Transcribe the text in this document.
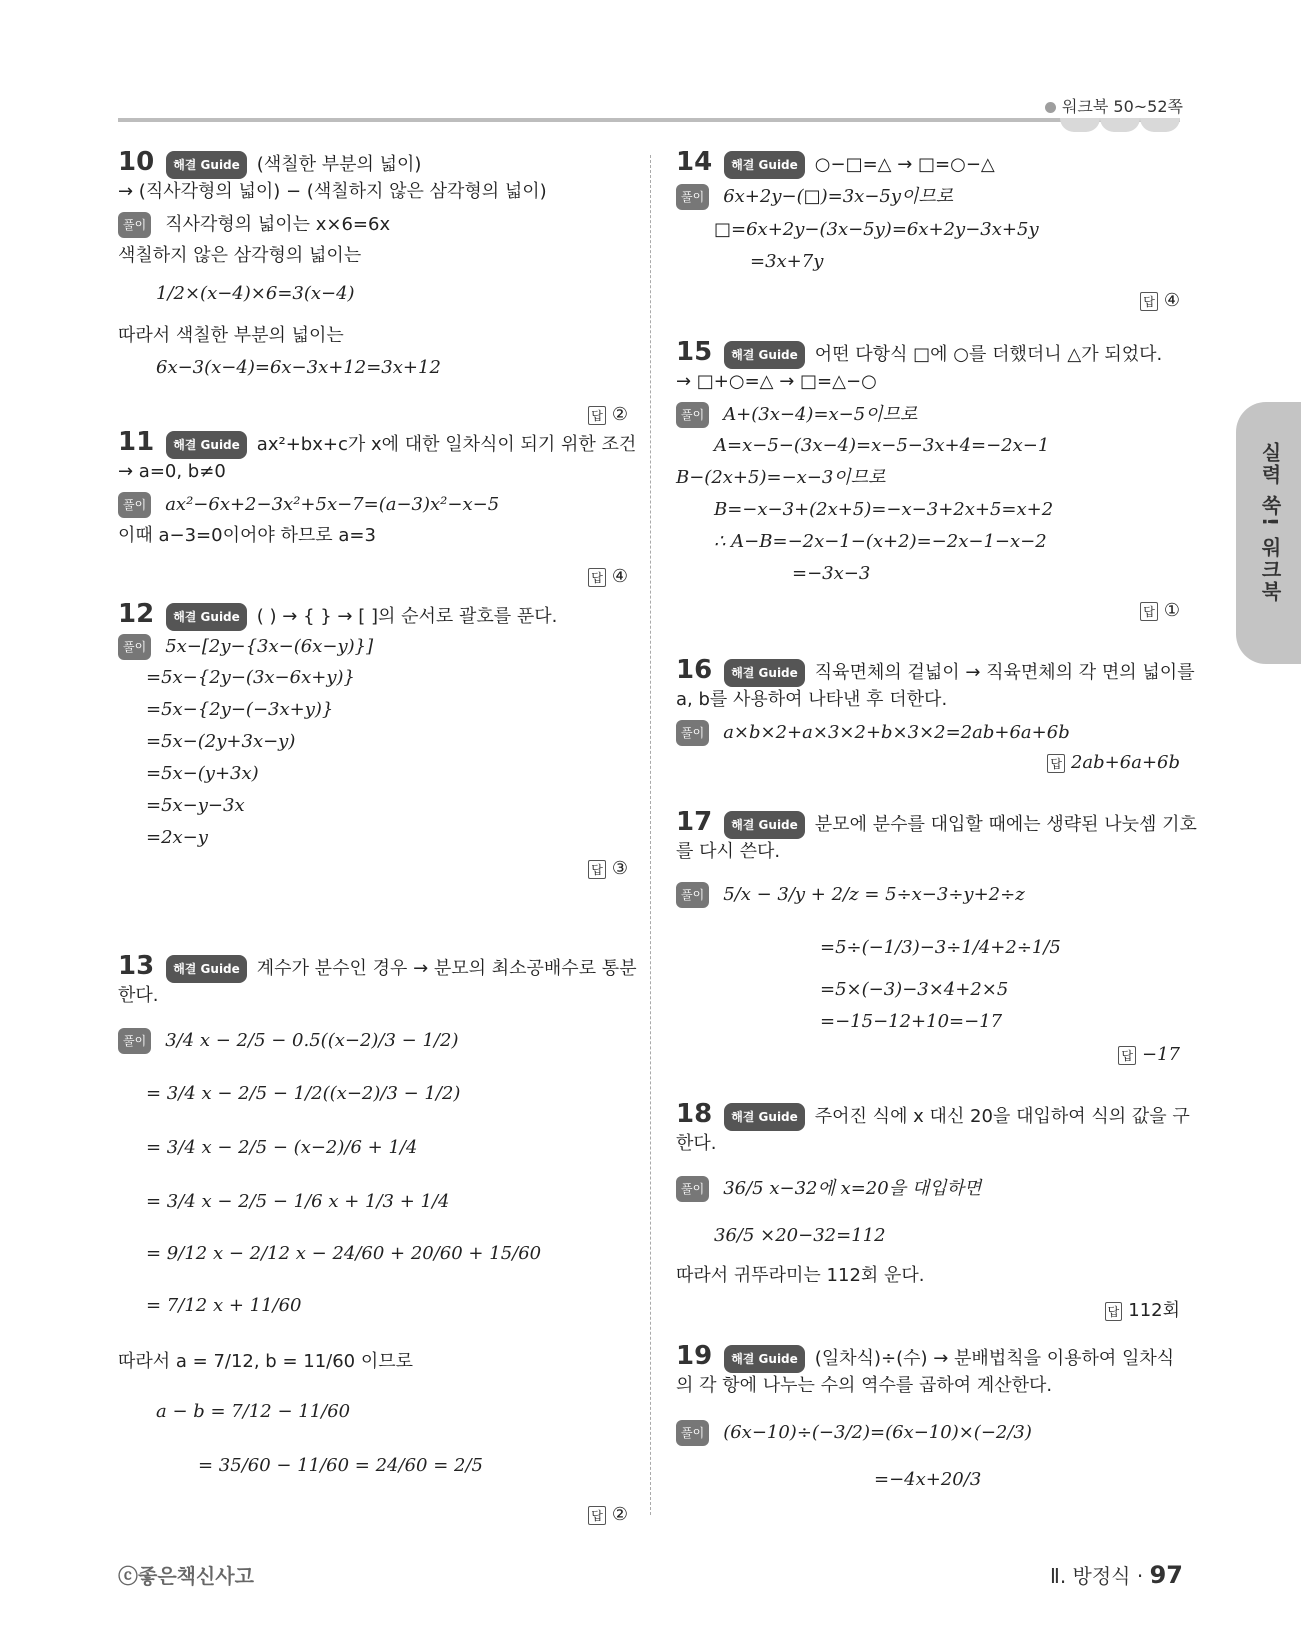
워크북 50~52쪽
실력 쑥! 워크북
10 해결 Guide (색칠한 부분의 넓이)
→ (직사각형의 넓이) − (색칠하지 않은 삼각형의 넓이)
풀이 직사각형의 넓이는 x×6=6x
색칠하지 않은 삼각형의 넓이는
1/2×(x−4)×6=3(x−4)
따라서 색칠한 부분의 넓이는
6x−3(x−4)=6x−3x+12=3x+12
답 ②
11 해결 Guide ax²+bx+c가 x에 대한 일차식이 되기 위한 조건
→ a=0, b≠0
풀이 ax²−6x+2−3x²+5x−7=(a−3)x²−x−5
이때 a−3=0이어야 하므로 a=3
답 ④
12 해결 Guide ( ) → { } → [ ]의 순서로 괄호를 푼다.
풀이 5x−[2y−{3x−(6x−y)}]
=5x−{2y−(3x−6x+y)}
=5x−{2y−(−3x+y)}
=5x−(2y+3x−y)
=5x−(y+3x)
=5x−y−3x
=2x−y
답 ③
13 해결 Guide 계수가 분수인 경우 → 분모의 최소공배수로 통분
한다.
풀이 3/4 x − 2/5 − 0.5((x−2)/3 − 1/2)
= 3/4 x − 2/5 − 1/2((x−2)/3 − 1/2)
= 3/4 x − 2/5 − (x−2)/6 + 1/4
= 3/4 x − 2/5 − 1/6 x + 1/3 + 1/4
= 9/12 x − 2/12 x − 24/60 + 20/60 + 15/60
= 7/12 x + 11/60
따라서 a = 7/12, b = 11/60 이므로
a − b = 7/12 − 11/60
= 35/60 − 11/60 = 24/60 = 2/5
답 ②
14 해결 Guide ○−□=△ → □=○−△
풀이 6x+2y−(□)=3x−5y이므로
□=6x+2y−(3x−5y)=6x+2y−3x+5y
=3x+7y
답 ④
15 해결 Guide 어떤 다항식 □에 ○를 더했더니 △가 되었다.
→ □+○=△ → □=△−○
풀이 A+(3x−4)=x−5이므로
A=x−5−(3x−4)=x−5−3x+4=−2x−1
B−(2x+5)=−x−3이므로
B=−x−3+(2x+5)=−x−3+2x+5=x+2
∴ A−B=−2x−1−(x+2)=−2x−1−x−2
=−3x−3
답 ①
16 해결 Guide 직육면체의 겉넓이 → 직육면체의 각 면의 넓이를
a, b를 사용하여 나타낸 후 더한다.
풀이 a×b×2+a×3×2+b×3×2=2ab+6a+6b
답 2ab+6a+6b
17 해결 Guide 분모에 분수를 대입할 때에는 생략된 나눗셈 기호
를 다시 쓴다.
풀이 5/x − 3/y + 2/z = 5÷x−3÷y+2÷z
=5÷(−1/3)−3÷1/4+2÷1/5
=5×(−3)−3×4+2×5
=−15−12+10=−17
답 −17
18 해결 Guide 주어진 식에 x 대신 20을 대입하여 식의 값을 구
한다.
풀이 36/5 x−32에 x=20을 대입하면
36/5 ×20−32=112
따라서 귀뚜라미는 112회 운다.
답 112회
19 해결 Guide (일차식)÷(수) → 분배법칙을 이용하여 일차식
의 각 항에 나누는 수의 역수를 곱하여 계산한다.
풀이 (6x−10)÷(−3/2)=(6x−10)×(−2/3)
=−4x+20/3
ⓒ좋은책신사고	Ⅱ. 방정식 · 97
